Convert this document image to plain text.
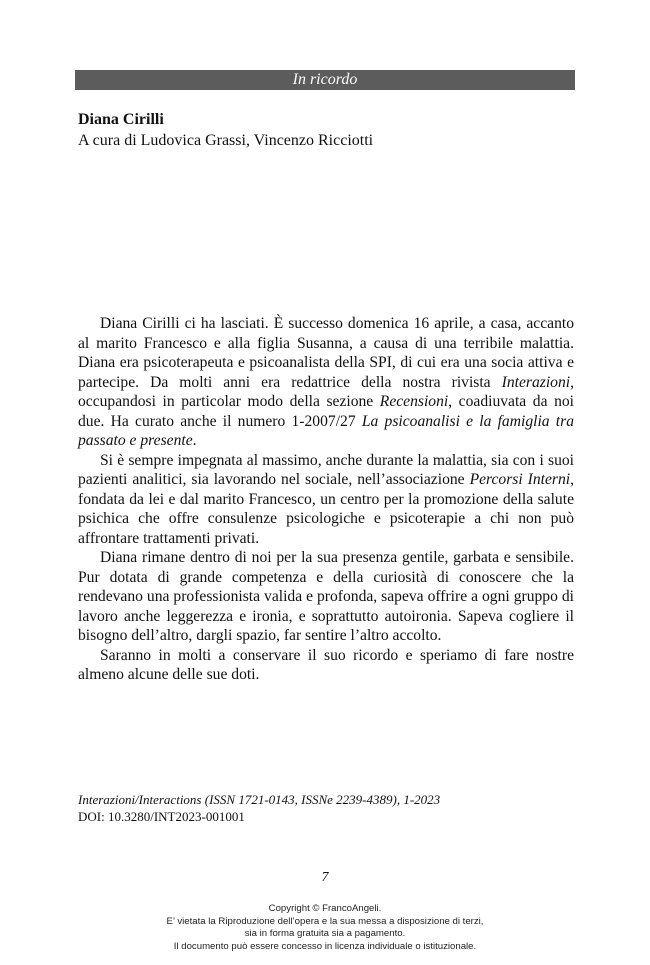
In ricordo
Diana Cirilli
A cura di Ludovica Grassi, Vincenzo Ricciotti

Diana Cirilli ci ha lasciati. È successo domenica 16 aprile, a casa, accanto al marito Francesco e alla figlia Susanna, a causa di una terribile malattia. Diana era psicoterapeuta e psicoanalista della SPI, di cui era una socia attiva e partecipe. Da molti anni era redattrice della nostra rivista Interazioni, occupandosi in particolar modo della sezione Recensioni, coadiuvata da noi due. Ha curato anche il numero 1-2007/27 La psicoanalisi e la famiglia tra passato e presente.

Si è sempre impegnata al massimo, anche durante la malattia, sia con i suoi pazienti analitici, sia lavorando nel sociale, nell’associazione Percorsi Interni, fondata da lei e dal marito Francesco, un centro per la promozione della salute psichica che offre consulenze psicologiche e psicoterapie a chi non può affrontare trattamenti privati.

Diana rimane dentro di noi per la sua presenza gentile, garbata e sensibile. Pur dotata di grande competenza e della curiosità di conoscere che la rendevano una professionista valida e profonda, sapeva offrire a ogni gruppo di lavoro anche leggerezza e ironia, e soprattutto autoironia. Sapeva cogliere il bisogno dell’altro, dargli spazio, far sentire l’altro accolto.

Saranno in molti a conservare il suo ricordo e speriamo di fare nostre almeno alcune delle sue doti.

Interazioni/Interactions (ISSN 1721-0143, ISSNe 2239-4389), 1-2023
DOI: 10.3280/INT2023-001001
7
Copyright © FrancoAngeli.
E’ vietata la Riproduzione dell’opera e la sua messa a disposizione di terzi,
sia in forma gratuita sia a pagamento.
Il documento può essere concesso in licenza individuale o istituzionale.
